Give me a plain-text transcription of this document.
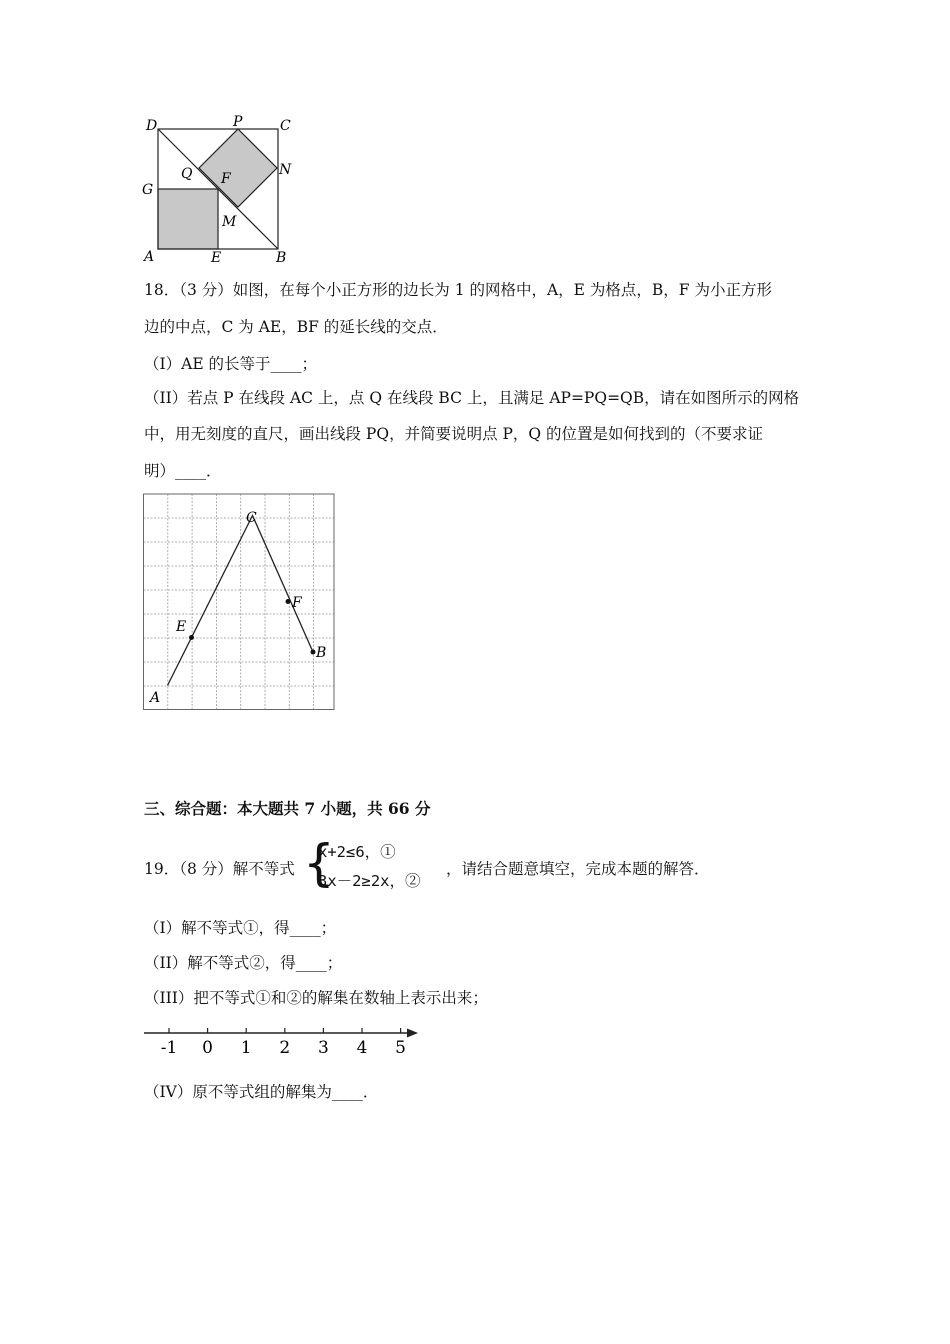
D	P	C
N
G
Q F
M
A	E	B
18．（3 分）如图，在每个小正方形的边长为 1 的网格中，A，E 为格点，B，F 为小正方形
边的中点，C 为 AE，BF 的延长线的交点．
（I）AE 的长等于____；
（II）若点 P 在线段 AC 上，点 Q 在线段 BC 上，且满足 AP=PQ=QB，请在如图所示的网格
中，用无刻度的直尺，画出线段 PQ，并简要说明点 P，Q 的位置是如何找到的（不要求证
明）____．
C
E
F
B
A
三、综合题：本大题共 7 小题，共 66 分
19．（8 分）解不等式 {
x+2≤6，①
3x－2≥2x，②
，请结合题意填空，完成本题的解答．
（I）解不等式①，得____；
（II）解不等式②，得____；
（III）把不等式①和②的解集在数轴上表示出来；
-1 0 1 2 3 4 5
（IV）原不等式组的解集为____．
